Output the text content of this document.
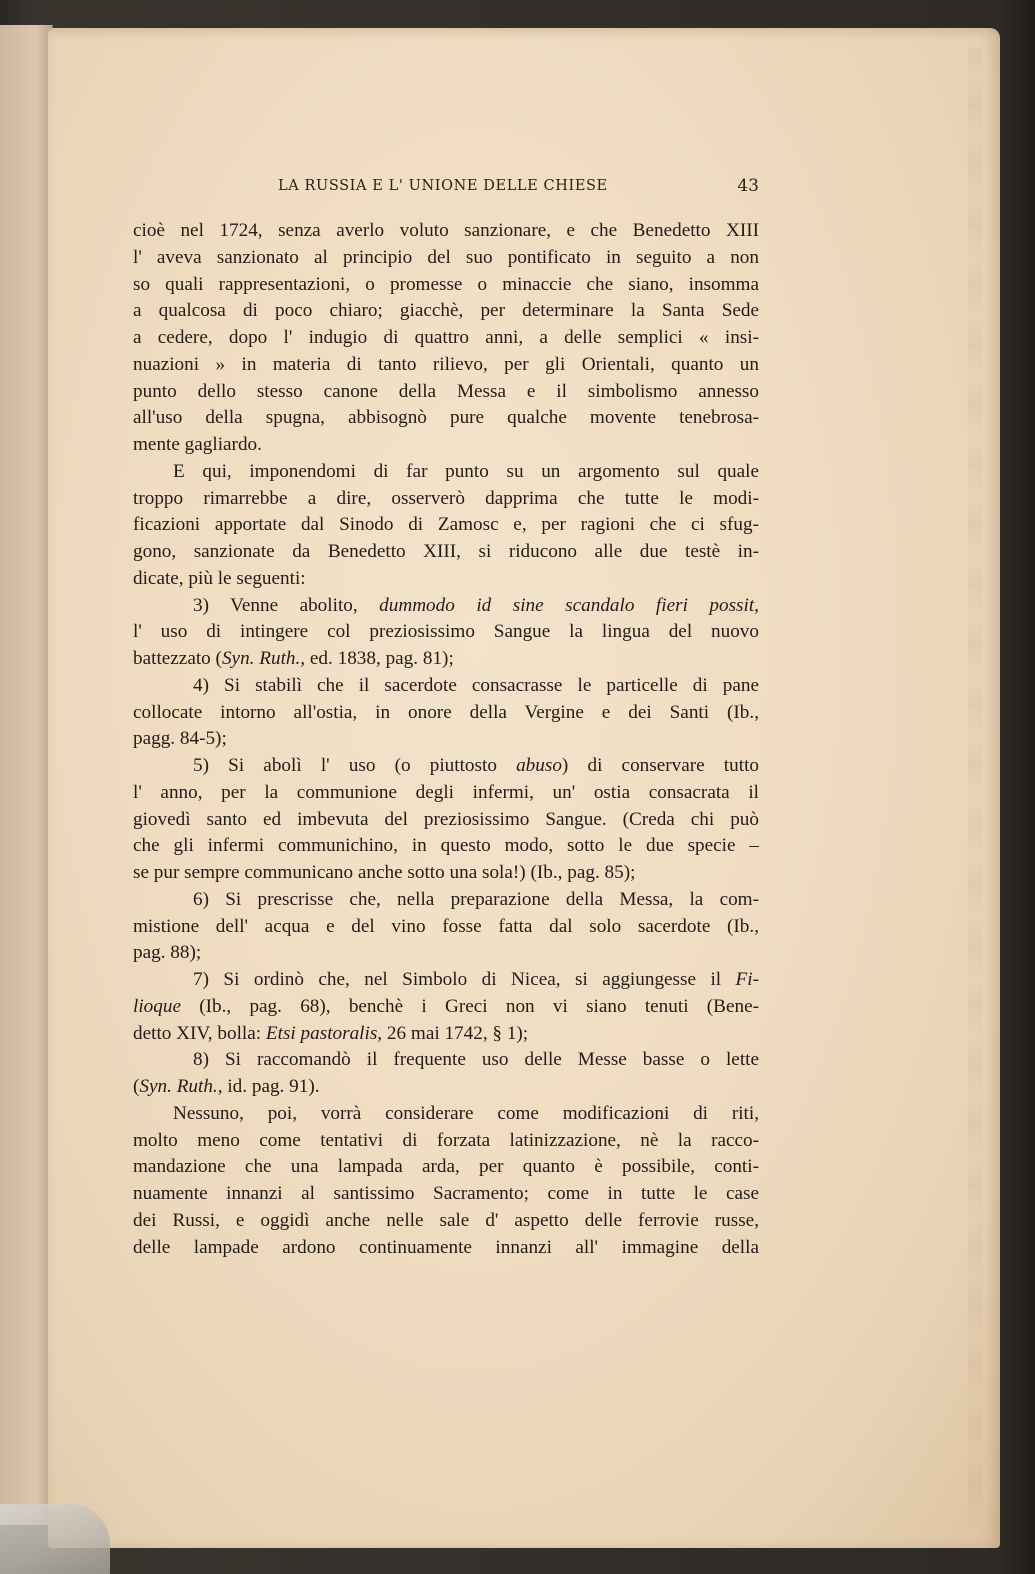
LA RUSSIA E L' UNIONE DELLE CHIESE	43
cioè nel 1724, senza averlo voluto sanzionare, e che Benedetto XIII
l' aveva sanzionato al principio del suo pontificato in seguito a non
so quali rappresentazioni, o promesse o minaccie che siano, insomma
a qualcosa di poco chiaro; giacchè, per determinare la Santa Sede
a cedere, dopo l' indugio di quattro anni, a delle semplici « insi-
nuazioni » in materia di tanto rilievo, per gli Orientali, quanto un
punto dello stesso canone della Messa e il simbolismo annesso
all'uso della spugna, abbisognò pure qualche movente tenebrosa-
mente gagliardo.
E qui, imponendomi di far punto su un argomento sul quale
troppo rimarrebbe a dire, osserverò dapprima che tutte le modi-
ficazioni apportate dal Sinodo di Zamosc e, per ragioni che ci sfug-
gono, sanzionate da Benedetto XIII, si riducono alle due testè in-
dicate, più le seguenti:
3) Venne abolito, dummodo id sine scandalo fieri possit,
l' uso di intingere col preziosissimo Sangue la lingua del nuovo
battezzato (Syn. Ruth., ed. 1838, pag. 81);
4) Si stabilì che il sacerdote consacrasse le particelle di pane
collocate intorno all'ostia, in onore della Vergine e dei Santi (Ib.,
pagg. 84-5);
5) Si abolì l' uso (o piuttosto abuso) di conservare tutto
l' anno, per la communione degli infermi, un' ostia consacrata il
giovedì santo ed imbevuta del preziosissimo Sangue. (Creda chi può
che gli infermi communichino, in questo modo, sotto le due specie –
se pur sempre communicano anche sotto una sola!) (Ib., pag. 85);
6) Si prescrisse che, nella preparazione della Messa, la com-
mistione dell' acqua e del vino fosse fatta dal solo sacerdote (Ib.,
pag. 88);
7) Si ordinò che, nel Simbolo di Nicea, si aggiungesse il Fi-
lioque (Ib., pag. 68), benchè i Greci non vi siano tenuti (Bene-
detto XIV, bolla: Etsi pastoralis, 26 mai 1742, § 1);
8) Si raccomandò il frequente uso delle Messe basse o lette
(Syn. Ruth., id. pag. 91).
Nessuno, poi, vorrà considerare come modificazioni di riti,
molto meno come tentativi di forzata latinizzazione, nè la racco-
mandazione che una lampada arda, per quanto è possibile, conti-
nuamente innanzi al santissimo Sacramento; come in tutte le case
dei Russi, e oggidì anche nelle sale d' aspetto delle ferrovie russe,
delle lampade ardono continuamente innanzi all' immagine della
